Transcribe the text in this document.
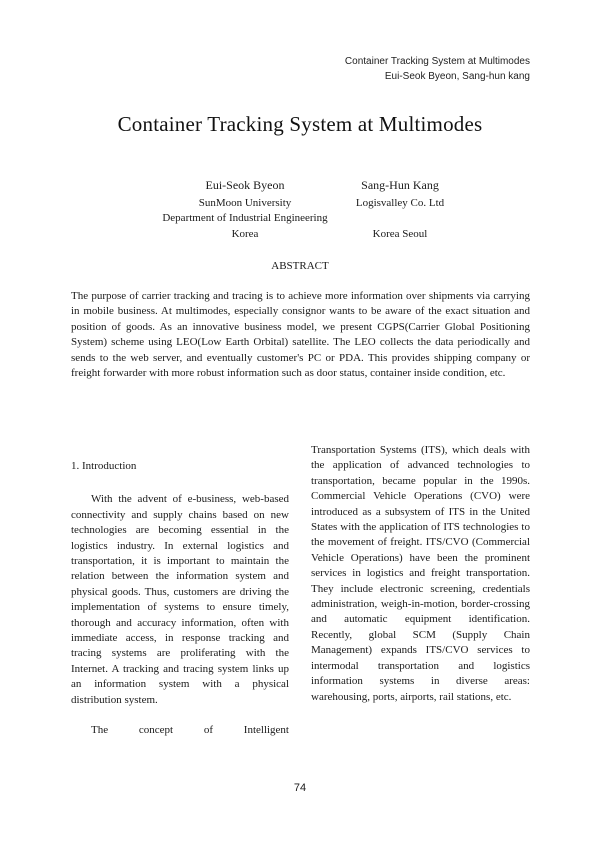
Container Tracking System at Multimodes
Eui-Seok Byeon, Sang-hun kang
Container Tracking System at Multimodes
Eui-Seok Byeon
SunMoon University
Department of Industrial Engineering
Korea
Sang-Hun Kang
Logisvalley Co. Ltd
Korea Seoul
ABSTRACT

The purpose of carrier tracking and tracing is to achieve more information over shipments via carrying in mobile business. At multimodes, especially consignor wants to be aware of the exact situation and position of goods. As an innovative business model, we present CGPS(Carrier Global Positioning System) scheme using LEO(Low Earth Orbital) satellite. The LEO collects the data periodically and sends to the web server, and eventually customer's PC or PDA. This provides shipping company or freight forwarder with more robust information such as door status, container inside condition, etc.

1. Introduction

With the advent of e-business, web-based connectivity and supply chains based on new technologies are becoming essential in the logistics industry. In external logistics and transportation, it is important to maintain the relation between the information system and physical goods. Thus, customers are driving the implementation of systems to ensure timely, thorough and accuracy information, often with immediate access, in response tracking and tracing systems are proliferating with the Internet. A tracking and tracing system links up an information system with a physical distribution system.

The concept of Intelligent

Transportation Systems (ITS), which deals with the application of advanced technologies to transportation, became popular in the 1990s. Commercial Vehicle Operations (CVO) were introduced as a subsystem of ITS in the United States with the application of ITS technologies to the movement of freight. ITS/CVO (Commercial Vehicle Operations) have been the prominent services in logistics and freight transportation. They include electronic screening, credentials administration, weigh-in-motion, border-crossing and automatic equipment identification. Recently, global SCM (Supply Chain Management) expands ITS/CVO services to intermodal transportation and logistics information systems in diverse areas: warehousing, ports, airports, rail stations, etc.

74
